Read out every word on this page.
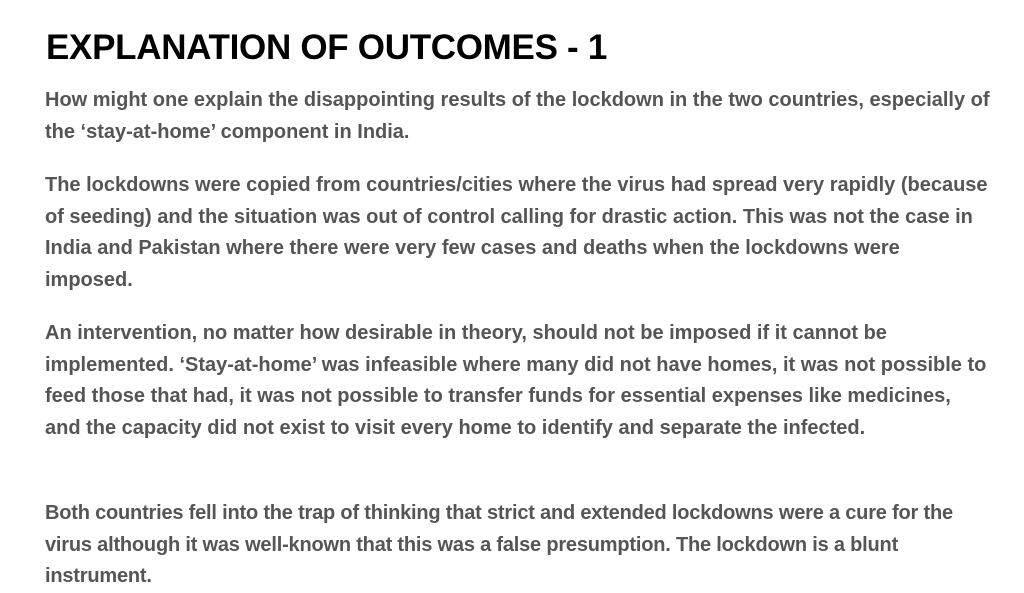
EXPLANATION OF OUTCOMES - 1

How might one explain the disappointing results of the lockdown in the two countries, especially of the ‘stay-at-home’ component in India.

The lockdowns were copied from countries/cities where the virus had spread very rapidly (because of seeding) and the situation was out of control calling for drastic action. This was not the case in India and Pakistan where there were very few cases and deaths when the lockdowns were imposed.

An intervention, no matter how desirable in theory, should not be imposed if it cannot be implemented. ‘Stay-at-home’ was infeasible where many did not have homes, it was not possible to feed those that had, it was not possible to transfer funds for essential expenses like medicines, and the capacity did not exist to visit every home to identify and separate the infected.

Both countries fell into the trap of thinking that strict and extended lockdowns were a cure for the virus although it was well-known that this was a false presumption. The lockdown is a blunt instrument.
